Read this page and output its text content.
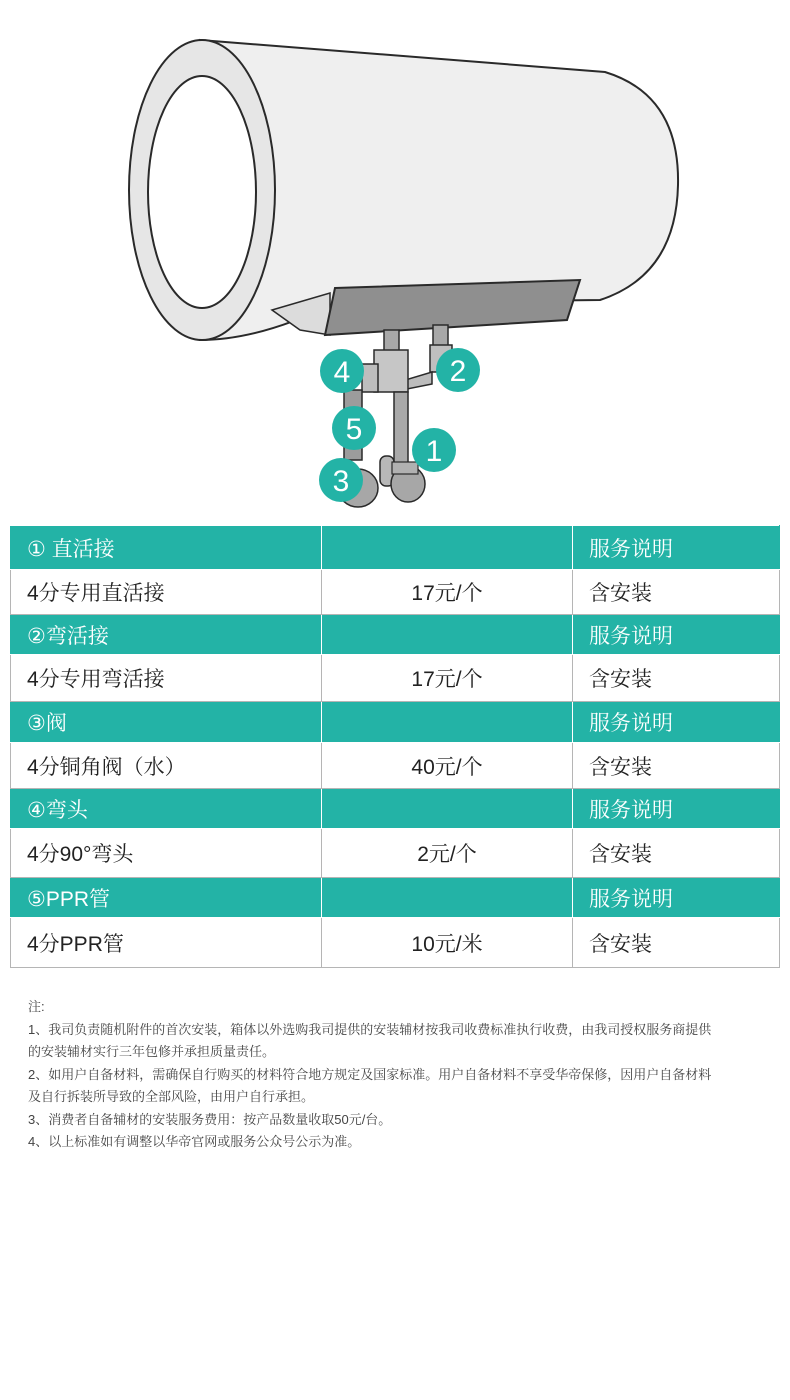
1
2
3
4
5
① 直活接		服务说明
4分专用直活接	17元/个	含安装
②弯活接		服务说明
4分专用弯活接	17元/个	含安装
③阀		服务说明
4分铜角阀（水）	40元/个	含安装
④弯头		服务说明
4分90°弯头	2元/个	含安装
⑤PPR管		服务说明
4分PPR管	10元/米	含安装

注:

1、我司负责随机附件的首次安装，箱体以外选购我司提供的安装辅材按我司收费标准执行收费，由我司授权服务商提供

的安装辅材实行三年包修并承担质量责任。

2、如用户自备材料，需确保自行购买的材料符合地方规定及国家标准。用户自备材料不享受华帝保修，因用户自备材料

及自行拆装所导致的全部风险，由用户自行承担。

3、消费者自备辅材的安装服务费用：按产品数量收取50元/台。

4、以上标准如有调整以华帝官网或服务公众号公示为准。
